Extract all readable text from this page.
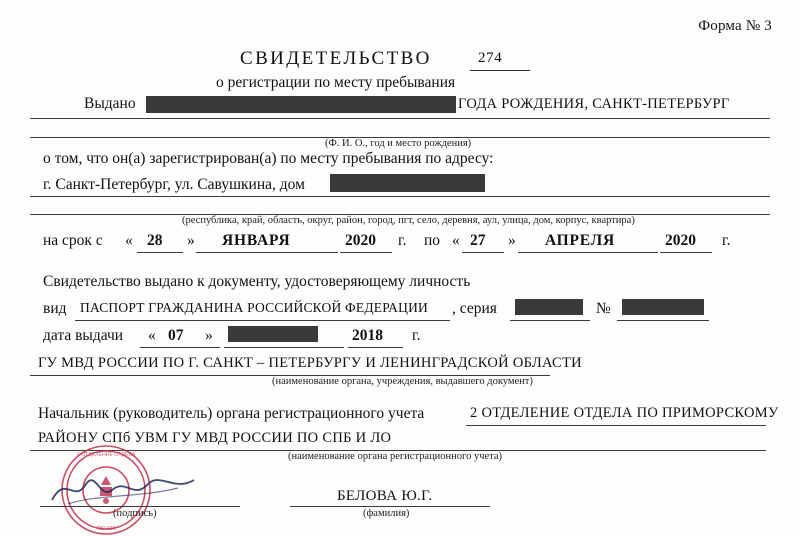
Форма № 3
СВИДЕТЕЛЬСТВО	274
о регистрации по месту пребывания
Выдано	ГОДА РОЖДЕНИЯ, САНКТ-ПЕТЕРБУРГ
(Ф. И. О., год и место рождения)
о том, что он(а) зарегистрирован(а) по месту пребывания по адресу:
г. Санкт-Петербург, ул. Савушкина, дом
(республика, край, область, округ, район, город, пгт, село, деревня, аул, улица, дом, корпус, квартира)
на срок с « 28 » ЯНВАРЯ	2020 г. по « 27 » АПРЕЛЯ	2020 г.
Свидетельство выдано к документу, удостоверяющему личность
вид ПАСПОРТ ГРАЖДАНИНА РОССИЙСКОЙ ФЕДЕРАЦИИ , серия	№
дата выдачи « 07 »	2018 г.
ГУ МВД РОССИИ ПО Г. САНКТ – ПЕТЕРБУРГУ И ЛЕНИНГРАДСКОЙ ОБЛАСТИ
(наименование органа, учреждения, выдавшего документ)
Начальник (руководитель) органа регистрационного учета	2 ОТДЕЛЕНИЕ ОТДЕЛА ПО ПРИМОРСКОМУ
РАЙОНУ СПб УВМ ГУ МВД РОССИИ ПО СПБ И ЛО
(наименование органа регистрационного учета)
2 ОТДЕЛЕНИЕ ОТДЕЛА
780-039
(подпись)
БЕЛОВА Ю.Г.
(фамилия)
